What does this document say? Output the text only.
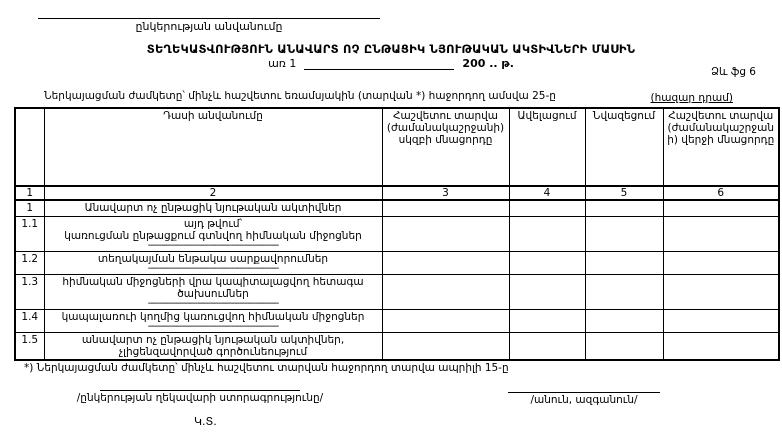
ընկերության անվանումը
ՏԵՂԵԿԱՏՎՈՒԹՅՈՒՆ ԱՆԱՎԱՐՏ ՈՉ ԸՆԹԱՑԻԿ ՆՅՈՒԹԱԿԱՆ ԱԿՏԻՎՆԵՐԻ ՄԱՍԻՆ
առ 1	200 .. թ.
Ձև ֆց 6
Ներկայացման ժամկետը՝ մինչև հաշվետու եռամսյակին (տարվան *) հաջորդող ամսվա 25-ը	(հազար դրամ)
	Դասի անվանումը	Հաշվետու տարվա (ժամանակաշրջանի) սկզբի մնացորդը	Ավելացում	Նվազեցում	Հաշվետու տարվա (ժամանակաշրջանի) վերջի մնացորդը
1	2	3	4	5	6
1	Անավարտ ոչ ընթացիկ նյութական ակտիվներ				

1.1	այդ թվում՝
կառուցման ընթացքում գտնվող հիմնական միջոցներ
--------------------------------------------------				

1.2	տեղակայման ենթակա սարքավորումներ
--------------------------------------------------				

1.3	հիմնական միջոցների վրա կապիտալացվող հետագա ծախսումներ
--------------------------------------------------				

1.4	կապալառուի կողմից կառուցվող հիմնական միջոցներ
--------------------------------------------------				

1.5	անավարտ ոչ ընթացիկ նյութական ակտիվներ, չլիցենզավորված գործունեությում				

*) Ներկայացման ժամկետը՝ մինչև հաշվետու տարվան հաջորդող տարվա ապրիլի 15-ը
/ընկերության ղեկավարի ստորագրությունը/	/անուն, ազգանուն/
Կ.Տ.
